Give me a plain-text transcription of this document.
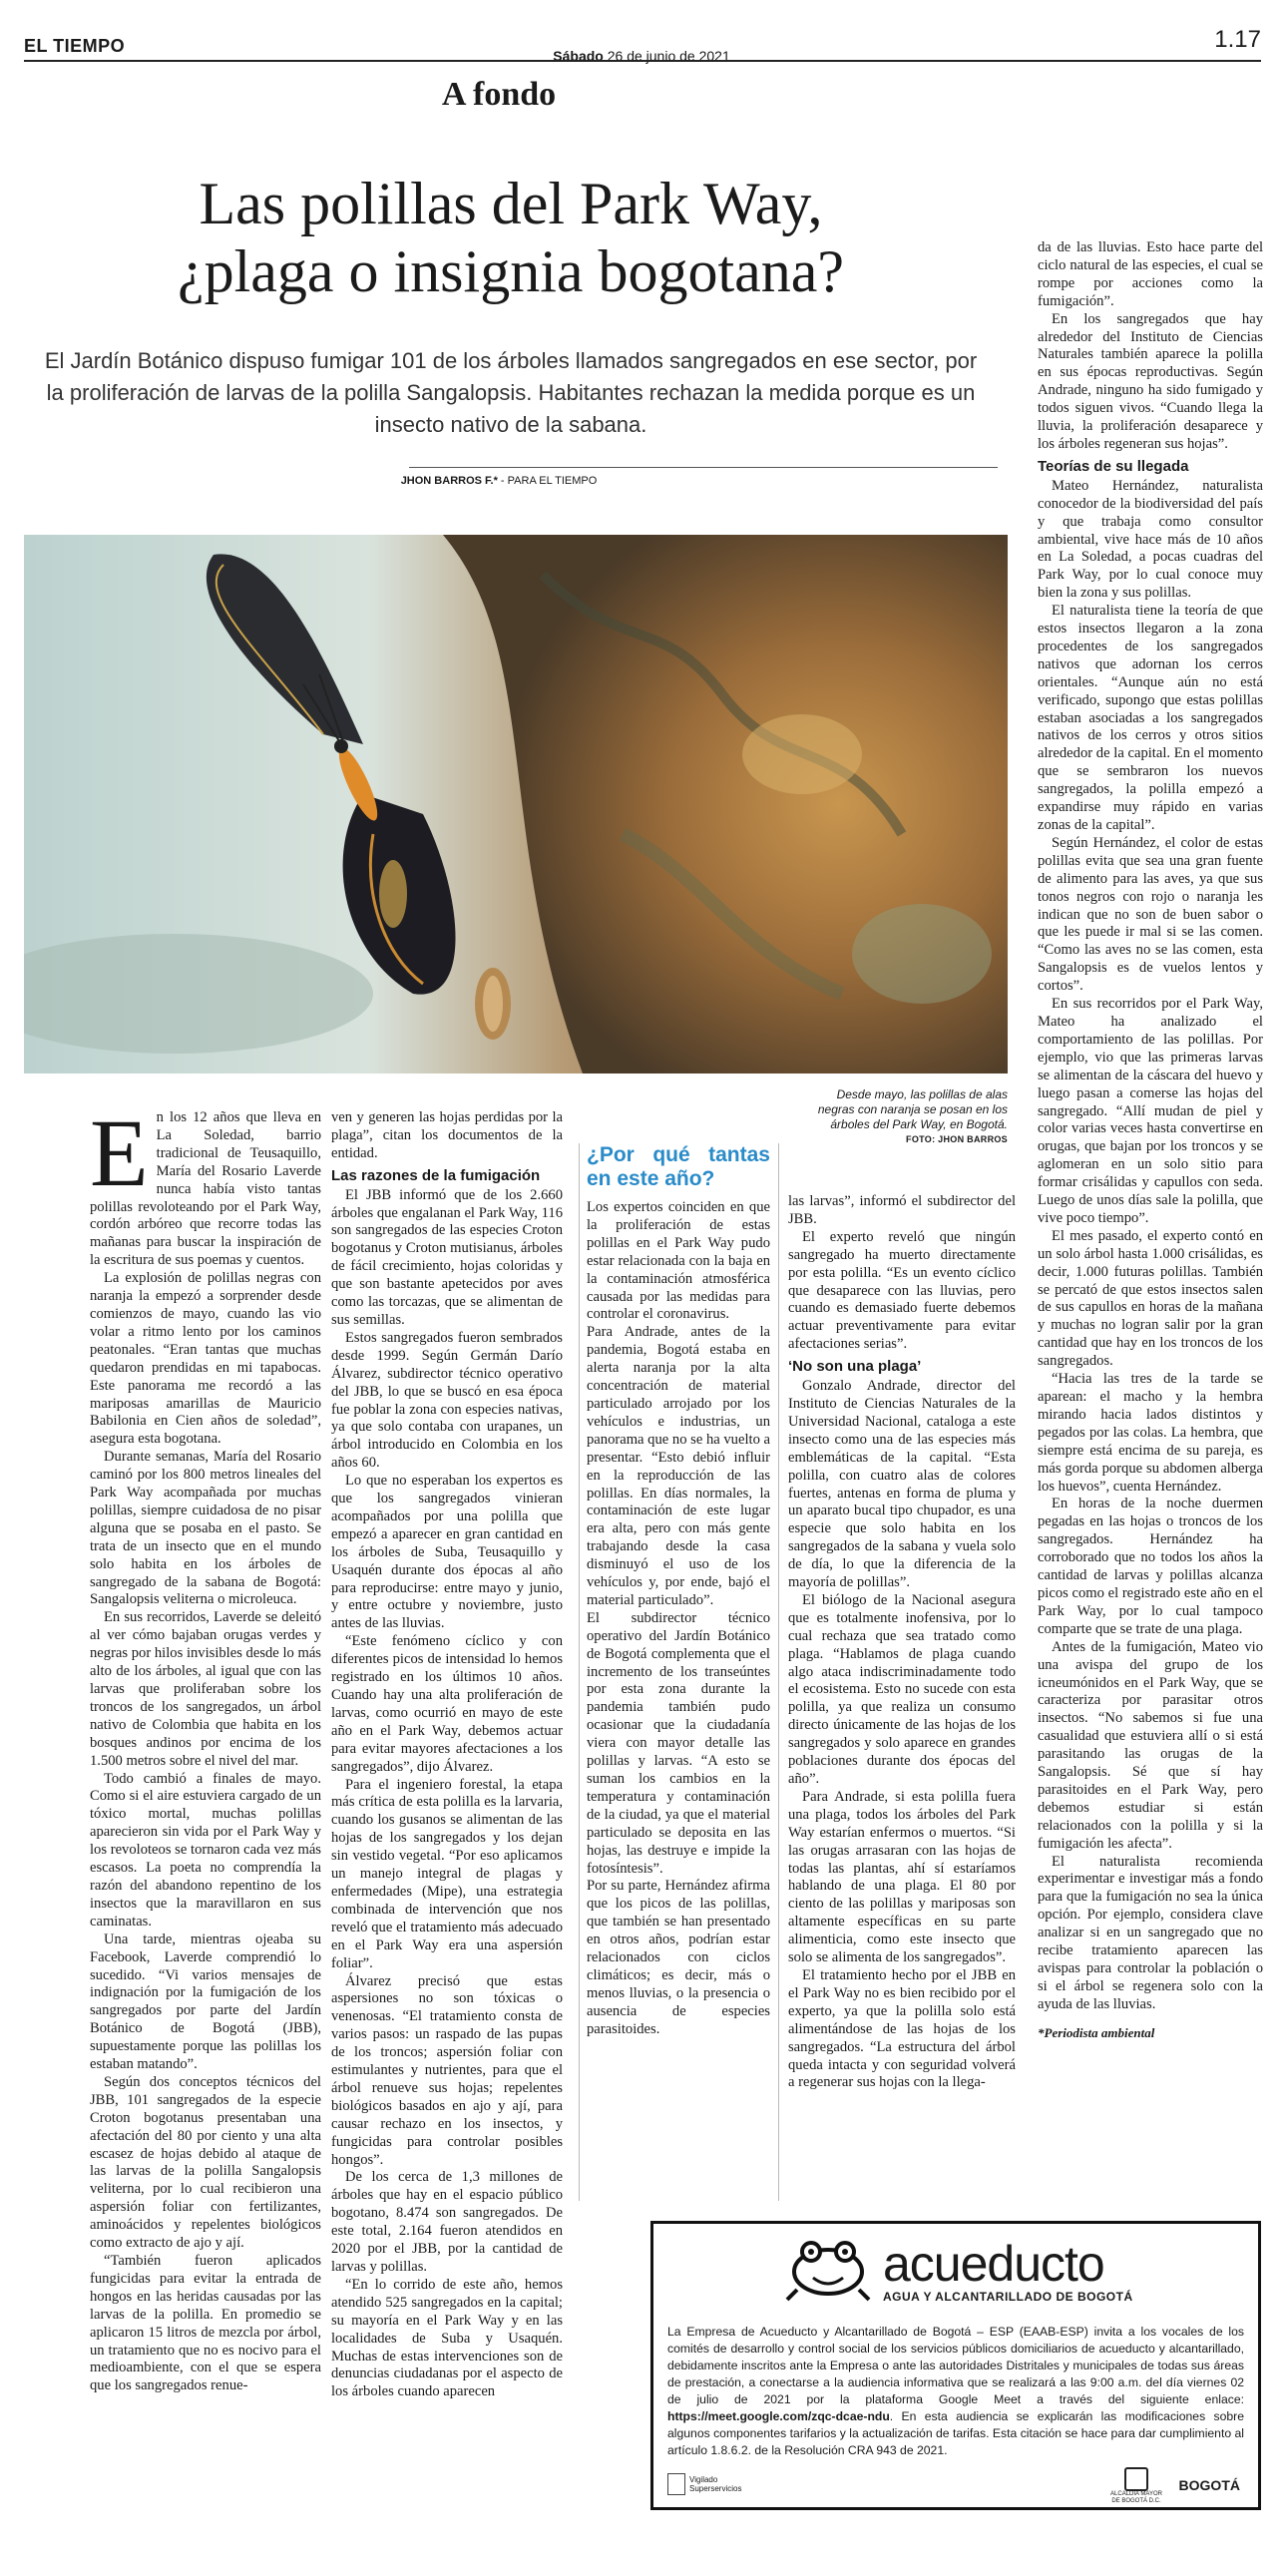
EL TIEMPO	Sábado 26 de junio de 2021
1.17
A fondo
Las polillas del Park Way,
¿plaga o insignia bogotana?
El Jardín Botánico dispuso fumigar 101 de los árboles llamados sangregados en ese sector, por la proliferación de larvas de la polilla Sangalopsis. Habitantes rechazan la medida porque es un insecto nativo de la sabana.
JHON BARROS F.* - PARA EL TIEMPO
Desde mayo, las polillas de alas negras con naranja se posan en los árboles del Park Way, en Bogotá.
FOTO: JHON BARROS

En los 12 años que lleva en La Soledad, barrio tradicional de Teusaquillo, María del Rosario Laverde nunca había visto tantas polillas revoloteando por el Park Way, cordón arbóreo que recorre todas las mañanas para buscar la inspiración de la escritura de sus poemas y cuentos.

La explosión de polillas negras con naranja la empezó a sorprender desde comienzos de mayo, cuando las vio volar a ritmo lento por los caminos peatonales. “Eran tantas que muchas quedaron prendidas en mi tapabocas. Este panorama me recordó a las mariposas amarillas de Mauricio Babilonia en Cien años de soledad”, asegura esta bogotana.

Durante semanas, María del Rosario caminó por los 800 metros lineales del Park Way acompañada por muchas polillas, siempre cuidadosa de no pisar alguna que se posaba en el pasto. Se trata de un insecto que en el mundo solo habita en los árboles de sangregado de la sabana de Bogotá: Sangalopsis veliterna o microleuca.

En sus recorridos, Laverde se deleitó al ver cómo bajaban orugas verdes y negras por hilos invisibles desde lo más alto de los árboles, al igual que con las larvas que proliferaban sobre los troncos de los sangregados, un árbol nativo de Colombia que habita en los bosques andinos por encima de los 1.500 metros sobre el nivel del mar.

Todo cambió a finales de mayo. Como si el aire estuviera cargado de un tóxico mortal, muchas polillas aparecieron sin vida por el Park Way y los revoloteos se tornaron cada vez más escasos. La poeta no comprendía la razón del abandono repentino de los insectos que la maravillaron en sus caminatas.

Una tarde, mientras ojeaba su Facebook, Laverde comprendió lo sucedido. “Vi varios mensajes de indignación por la fumigación de los sangregados por parte del Jardín Botánico de Bogotá (JBB), supuestamente porque las polillas los estaban matando”.

Según dos conceptos técnicos del JBB, 101 sangregados de la especie Croton bogotanus presentaban una afectación del 80 por ciento y una alta escasez de hojas debido al ataque de las larvas de la polilla Sangalopsis veliterna, por lo cual recibieron una aspersión foliar con fertilizantes, aminoácidos y repelentes biológicos como extracto de ajo y ají.

“También fueron aplicados fungicidas para evitar la entrada de hongos en las heridas causadas por las larvas de la polilla. En promedio se aplicaron 15 litros de mezcla por árbol, un tratamiento que no es nocivo para el medioambiente, con el que se espera que los sangregados renue-

ven y generen las hojas perdidas por la plaga”, citan los documentos de la entidad.

Las razones de la fumigación

El JBB informó que de los 2.660 árboles que engalanan el Park Way, 116 son sangregados de las especies Croton bogotanus y Croton mutisianus, árboles de fácil crecimiento, hojas coloridas y que son bastante apetecidos por aves como las torcazas, que se alimentan de sus semillas.

Estos sangregados fueron sembrados desde 1999. Según Germán Darío Álvarez, subdirector técnico operativo del JBB, lo que se buscó en esa época fue poblar la zona con especies nativas, ya que solo contaba con urapanes, un árbol introducido en Colombia en los años 60.

Lo que no esperaban los expertos es que los sangregados vinieran acompañados por una polilla que empezó a aparecer en gran cantidad en los árboles de Suba, Teusaquillo y Usaquén durante dos épocas al año para reproducirse: entre mayo y junio, y entre octubre y noviembre, justo antes de las lluvias.

“Este fenómeno cíclico y con diferentes picos de intensidad lo hemos registrado en los últimos 10 años. Cuando hay una alta proliferación de larvas, como ocurrió en mayo de este año en el Park Way, debemos actuar para evitar mayores afectaciones a los sangregados”, dijo Álvarez.

Para el ingeniero forestal, la etapa más crítica de esta polilla es la larvaria, cuando los gusanos se alimentan de las hojas de los sangregados y los dejan sin vestido vegetal. “Por eso aplicamos un manejo integral de plagas y enfermedades (Mipe), una estrategia combinada de intervención que nos reveló que el tratamiento más adecuado en el Park Way era una aspersión foliar”.

Álvarez precisó que estas aspersiones no son tóxicas o venenosas. “El tratamiento consta de varios pasos: un raspado de las pupas de los troncos; aspersión foliar con estimulantes y nutrientes, para que el árbol renueve sus hojas; repelentes biológicos basados en ajo y ají, para causar rechazo en los insectos, y fungicidas para controlar posibles hongos”.

De los cerca de 1,3 millones de árboles que hay en el espacio público bogotano, 8.474 son sangregados. De este total, 2.164 fueron atendidos en 2020 por el JBB, por la cantidad de larvas y polillas.

“En lo corrido de este año, hemos atendido 525 sangregados en la capital; su mayoría en el Park Way y en las localidades de Suba y Usaquén. Muchas de estas intervenciones son de denuncias ciudadanas por el aspecto de los árboles cuando aparecen

¿Por qué tantas en este año?

Los expertos coinciden en que la proliferación de estas polillas en el Park Way pudo estar relacionada con la baja en la contaminación atmosférica causada por las medidas para controlar el coronavirus.

Para Andrade, antes de la pandemia, Bogotá estaba en alerta naranja por la alta concentración de material particulado arrojado por los vehículos e industrias, un panorama que no se ha vuelto a presentar. “Esto debió influir en la reproducción de las polillas. En días normales, la contaminación de este lugar era alta, pero con más gente trabajando desde la casa disminuyó el uso de los vehículos y, por ende, bajó el material particulado”.

El subdirector técnico operativo del Jardín Botánico de Bogotá complementa que el incremento de los transeúntes por esta zona durante la pandemia también pudo ocasionar que la ciudadanía viera con mayor detalle las polillas y larvas. “A esto se suman los cambios en la temperatura y contaminación de la ciudad, ya que el material particulado se deposita en las hojas, las destruye e impide la fotosíntesis”.

Por su parte, Hernández afirma que los picos de las polillas, que también se han presentado en otros años, podrían estar relacionados con ciclos climáticos; es decir, más o menos lluvias, o la presencia o ausencia de especies parasitoides.

las larvas”, informó el subdirector del JBB.

El experto reveló que ningún sangregado ha muerto directamente por esta polilla. “Es un evento cíclico que desaparece con las lluvias, pero cuando es demasiado fuerte debemos actuar preventivamente para evitar afectaciones serias”.

‘No son una plaga’

Gonzalo Andrade, director del Instituto de Ciencias Naturales de la Universidad Nacional, cataloga a este insecto como una de las especies más emblemáticas de la capital. “Esta polilla, con cuatro alas de colores fuertes, antenas en forma de pluma y un aparato bucal tipo chupador, es una especie que solo habita en los sangregados de la sabana y vuela solo de día, lo que la diferencia de la mayoría de polillas”.

El biólogo de la Nacional asegura que es totalmente inofensiva, por lo cual rechaza que sea tratado como plaga. “Hablamos de plaga cuando algo ataca indiscriminadamente todo el ecosistema. Esto no sucede con esta polilla, ya que realiza un consumo directo únicamente de las hojas de los sangregados y solo aparece en grandes poblaciones durante dos épocas del año”.

Para Andrade, si esta polilla fuera una plaga, todos los árboles del Park Way estarían enfermos o muertos. “Si las orugas arrasaran con las hojas de todas las plantas, ahí sí estaríamos hablando de una plaga. El 80 por ciento de las polillas y mariposas son altamente específicas en su parte alimenticia, como este insecto que solo se alimenta de los sangregados”.

El tratamiento hecho por el JBB en el Park Way no es bien recibido por el experto, ya que la polilla solo está alimentándose de las hojas de los sangregados. “La estructura del árbol queda intacta y con seguridad volverá a regenerar sus hojas con la llega-

da de las lluvias. Esto hace parte del ciclo natural de las especies, el cual se rompe por acciones como la fumigación”.

En los sangregados que hay alrededor del Instituto de Ciencias Naturales también aparece la polilla en sus épocas reproductivas. Según Andrade, ninguno ha sido fumigado y todos siguen vivos. “Cuando llega la lluvia, la proliferación desaparece y los árboles regeneran sus hojas”.

Teorías de su llegada

Mateo Hernández, naturalista conocedor de la biodiversidad del país y que trabaja como consultor ambiental, vive hace más de 10 años en La Soledad, a pocas cuadras del Park Way, por lo cual conoce muy bien la zona y sus polillas.

El naturalista tiene la teoría de que estos insectos llegaron a la zona procedentes de los sangregados nativos que adornan los cerros orientales. “Aunque aún no está verificado, supongo que estas polillas estaban asociadas a los sangregados nativos de los cerros y otros sitios alrededor de la capital. En el momento que se sembraron los nuevos sangregados, la polilla empezó a expandirse muy rápido en varias zonas de la capital”.

Según Hernández, el color de estas polillas evita que sea una gran fuente de alimento para las aves, ya que sus tonos negros con rojo o naranja les indican que no son de buen sabor o que les puede ir mal si se las comen. “Como las aves no se las comen, esta Sangalopsis es de vuelos lentos y cortos”.

En sus recorridos por el Park Way, Mateo ha analizado el comportamiento de las polillas. Por ejemplo, vio que las primeras larvas se alimentan de la cáscara del huevo y luego pasan a comerse las hojas del sangregado. “Allí mudan de piel y color varias veces hasta convertirse en orugas, que bajan por los troncos y se aglomeran en un solo sitio para formar crisálidas y capullos con seda. Luego de unos días sale la polilla, que vive poco tiempo”.

El mes pasado, el experto contó en un solo árbol hasta 1.000 crisálidas, es decir, 1.000 futuras polillas. También se percató de que estos insectos salen de sus capullos en horas de la mañana y muchas no logran salir por la gran cantidad que hay en los troncos de los sangregados.

“Hacia las tres de la tarde se aparean: el macho y la hembra mirando hacia lados distintos y pegados por las colas. La hembra, que siempre está encima de su pareja, es más gorda porque su abdomen alberga los huevos”, cuenta Hernández.

En horas de la noche duermen pegadas en las hojas o troncos de los sangregados. Hernández ha corroborado que no todos los años la cantidad de larvas y polillas alcanza picos como el registrado este año en el Park Way, por lo cual tampoco comparte que se trate de una plaga.

Antes de la fumigación, Mateo vio una avispa del grupo de los icneumónidos en el Park Way, que se caracteriza por parasitar otros insectos. “No sabemos si fue una casualidad que estuviera allí o si está parasitando las orugas de la Sangalopsis. Sé que sí hay parasitoides en el Park Way, pero debemos estudiar si están relacionados con la polilla y si la fumigación les afecta”.

El naturalista recomienda experimentar e investigar más a fondo para que la fumigación no sea la única opción. Por ejemplo, considera clave analizar si en un sangregado que no recibe tratamiento aparecen las avispas para controlar la población o si el árbol se regenera solo con la ayuda de las lluvias.

*Periodista ambiental

acueducto
AGUA Y ALCANTARILLADO DE BOGOTÁ
La Empresa de Acueducto y Alcantarillado de Bogotá – ESP (EAAB-ESP) invita a los vocales de los comités de desarrollo y control social de los servicios públicos domiciliarios de acueducto y alcantarillado, debidamente inscritos ante la Empresa o ante las autoridades Distritales y municipales de todas sus áreas de prestación, a conectarse a la audiencia informativa que se realizará a las 9:00 a.m. del día viernes 02 de julio de 2021 por la plataforma Google Meet a través del siguiente enlace: https://meet.google.com/zqc-dcae-ndu. En esta audiencia se explicarán las modificaciones sobre algunos componentes tarifarios y la actualización de tarifas. Esta citación se hace para dar cumplimiento al artículo 1.8.6.2. de la Resolución CRA 943 de 2021.
Vigilado Superservicios
ALCALDÍA MAYOR DE BOGOTÁ D.C.
BOGOTÁ
